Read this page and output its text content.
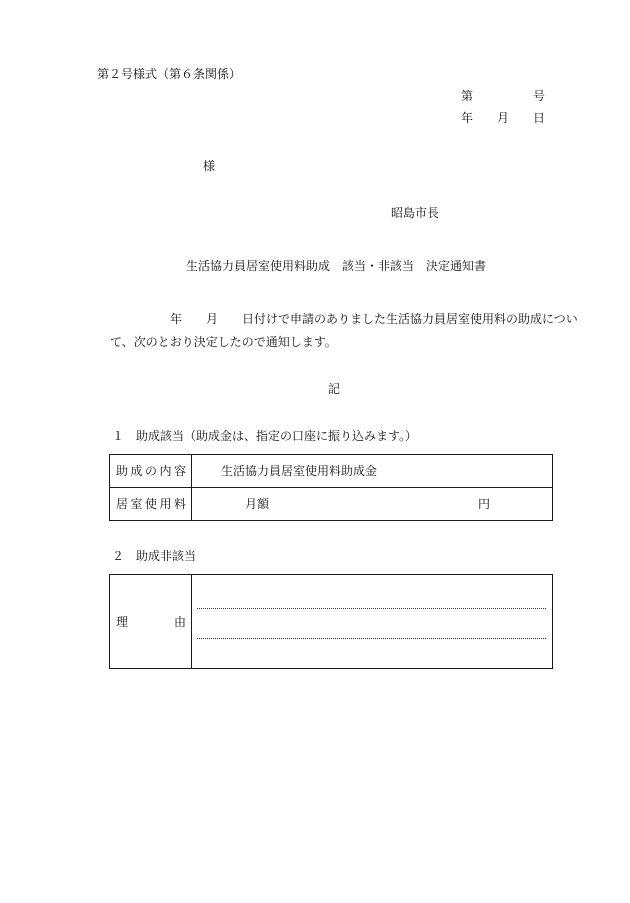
第２号様式（第６条関係）
第　　　　　号
年　　月　　日
様
昭島市長
生活協力員居室使用料助成　該当・非該当　決定通知書
年　　月　　日付けで申請のありました生活協力員居室使用料の助成につい
て、次のとおり決定したので通知します。
記
１　助成該当（助成金は、指定の口座に振り込みます。）
助成の内容	生活協力員居室使用料助成金
居室使用料	月額	円
２　助成非該当
理由
